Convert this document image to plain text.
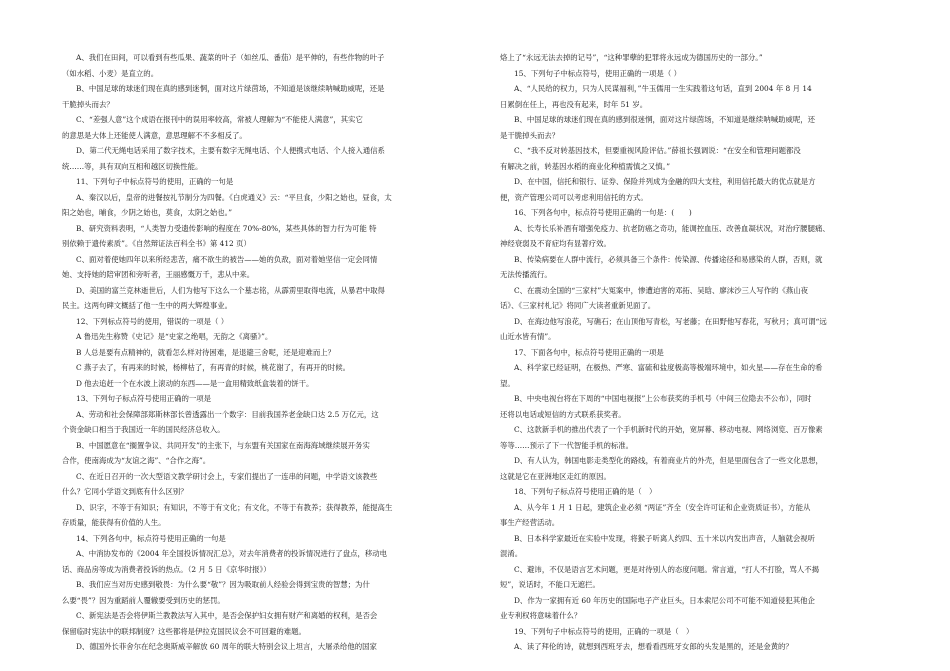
A、我们在田间，可以看到有些瓜果、蔬菜的叶子（如丝瓜、番茄）是平伸的，有些作物的叶子
（如水稻、小麦）是直立的。
B、中国足球的球迷们现在真的感到迷惘，面对这片绿茵场，不知道是该继续呐喊助威呢，还是
干脆掉头而去？
C、“差强人意”这个成语在报刊中的误用率较高，常被人理解为“不能使人满意”，其实它
的意思是大体上还能使人满意，意思理解不不多相反了。
D、第二代无绳电话采用了数字技术，主要有数字无绳电话、个人便携式电话、个人接入通信系
统……等，具有双向互相和越区切换性能。
11、下列句子中标点符号的使用，正确的一句是
A、秦汉以后，皇帝的进餐按礼节制分为四餐。《白虎通义》云：“平旦食，少阳之始也，昼食，太
阳之始也，晡食，少阴之始也，莫食，太阴之始也。”
B、研究资料表明，“人类智力受遗传影响的程度在 70%-80%，某些具体的智力行为可能 特
别依赖于遗传素质”。《自然辩证法百科全书》第 412 页）
C、面对着使她四年以来所经悲苦，痛不欲生的被告——她的负敌，面对着她坚信一定会同情
她、支持她的陪审团和旁听者，王丽感慨万千，悲从中来。
D、美国的富兰克林逝世后，人们为他写下这么一个墓志铭，从霹雳里取得电流，从暴君中取得
民主。这两句碑文概括了他一生中的两大辉煌事业。
12、下列标点符号的使用，错误的一项是（ ）
A 鲁迅先生称赞《史记》是“史家之绝唱，无韵之《离骚》”。
B 人总是要有点精神的，就看怎么样对待困难，是退避三舍呢，还是迎难而上？
C 燕子去了，有再来的时候，杨柳枯了，有再青的时候，桃花谢了，有再开的时候。
D 他去追赶一个在水波上滚动的东西——是一盒用精致纸盒装着的饼干。
13、下列句子标点符号使用正确的一项是
A、劳动和社会保障部郑斯林部长曾透露出一个数字：目前我国养老金缺口达 2.5 万亿元，这
个资金缺口相当于我国近一年的国民经济总收入。
B、中国愿意在“搁置争议、共同开发”的主张下，与东盟有关国家在南海海域继续展开务实
合作，使南海成为“友谊之海”、“合作之海”。
C、在近日召开的一次大型语文教学研讨会上，专家们提出了一连串的问题，中学语文该教些
什么？它同小学语文到底有什么区别？
D、识字，不等于有知识；有知识，不等于有文化；有文化，不等于有教养；获得教养，能提高生
存质量，能获得有价值的人生。
14、下列各句中，标点符号使用正确的一句是
A、中消协发布的《2004 年全国投诉情况汇总》，对去年消费者的投诉情况进行了盘点，移动电
话、商品房等成为消费者投诉的热点。（2 月 5 日《京华时报》）
B、我们应当对历史感到敬畏：为什么要“敬”？因为吸取前人经验会得到宝贵的智慧；为什
么要“畏”？因为重蹈前人覆辙要受到历史的惩罚。
C、新宪法是否会将伊斯兰教教法写入其中，是否会保护妇女拥有财产和离婚的权利，是否会
保留临时宪法中的联邦制度？这些都将是伊拉克国民议会不可回避的难题。
D、德国外长菲舍尔在纪念奥斯威辛解放 60 周年的联大特别会议上坦言，大屠杀给他的国家
烙上了“永远无法去掉的记号”，“这种罪孽的犯罪将永远成为德国历史的一部分。”
15、下列句子中标点符号，使用正确的一项是（ ）
A、“人民给的权力，只为人民谋福利，”牛玉儒用一生实践着这句话，直到 2004 年 8 月 14
日累倒在任上，再也没有起来，时年 51 岁。
B、中国足球的球迷们现在真的感到很迷惘，面对这片绿茵场，不知道是继续呐喊助威呢，还
是干脆掉头而去？
C、“我不反对转基因技术，但要重视风险评估。”薛祖长强调说：“在安全和管理问题都没
有解决之前，转基因水稻的商业化种植需慎之又慎。”
D、在中国，信托和银行、证券、保险并列成为金融的四大支柱，利用信托最大的优点就是方
便，资产管理公司可以考虑利用信托的方式。
16、下列各句中，标点符号使用正确的一句是：(　　)
A、长寿长乐补酒有增强免疫力、抗老防癌之奇功，能调控血压、改善血凝状况，对治疗腰腿痛、
神经衰弱及不育症均有显著疗效。
B、传染病要在人群中流行，必须具备三个条件：传染源、传播途径和易感染的人群，否则，就
无法传播流行。
C、在震动全国的“三家村”大冤案中，惨遭迫害的邓拓、吴晗、廖沫沙三人写作的《燕山夜
话》、《三家村札记》将同广大读者重新见面了。
D、在海边他写浪花，写礁石；在山顶他写青松，写老藤；在田野他写春花，写秋月；真可谓“远
山近水皆有情”。
17、下面各句中，标点符号使用正确的一项是
A、科学家已经证明，在极热、严寒、富硫和盐度极高等极端环境中，如火星——存在生命的希
望。
B、中央电视台将在下周的“中国电视报”上公布获奖的手机号（中间三位隐去不公布），同时
还将以电话或短信的方式联系获奖者。
C、这款新手机的推出代表了一个手机新时代的开始，宽屏幕、移动电视、网络浏览、百万像素
等等……预示了下一代智能手机的标准。
D、有人认为，韩国电影走类型化的路线，有着商业片的外壳，但是里面包含了一些文化思想，
这就是它在亚洲地区走红的原因。
18、下列句子标点符号使用正确的是（　）
A、从今年 1 月 1 日起，建筑企业必须 “两证”齐全（安全许可证和企业资质证书），方能从
事生产经营活动。
B、日本科学家最近在实验中发现，将猴子听离人约四、五十米以内发出声音，人脑就会视听
混淆。
C、避讳，不仅是语言艺术问题，更是对待别人的态度问题。常言道，“打人不打脸，骂人不揭
短”，说话时，不能口无遮拦。
D、作为一家拥有近 60 年历史的国际电子产业巨头，日本索尼公司不可能不知道侵犯其他企
业专利权将意味着什么？
19、下列句子中标点符号的使用，正确的一项是（　）
A、读了拜伦的诗，就想到西班牙去，想看看西班牙女郎的头发是黑的，还是金黄的？
